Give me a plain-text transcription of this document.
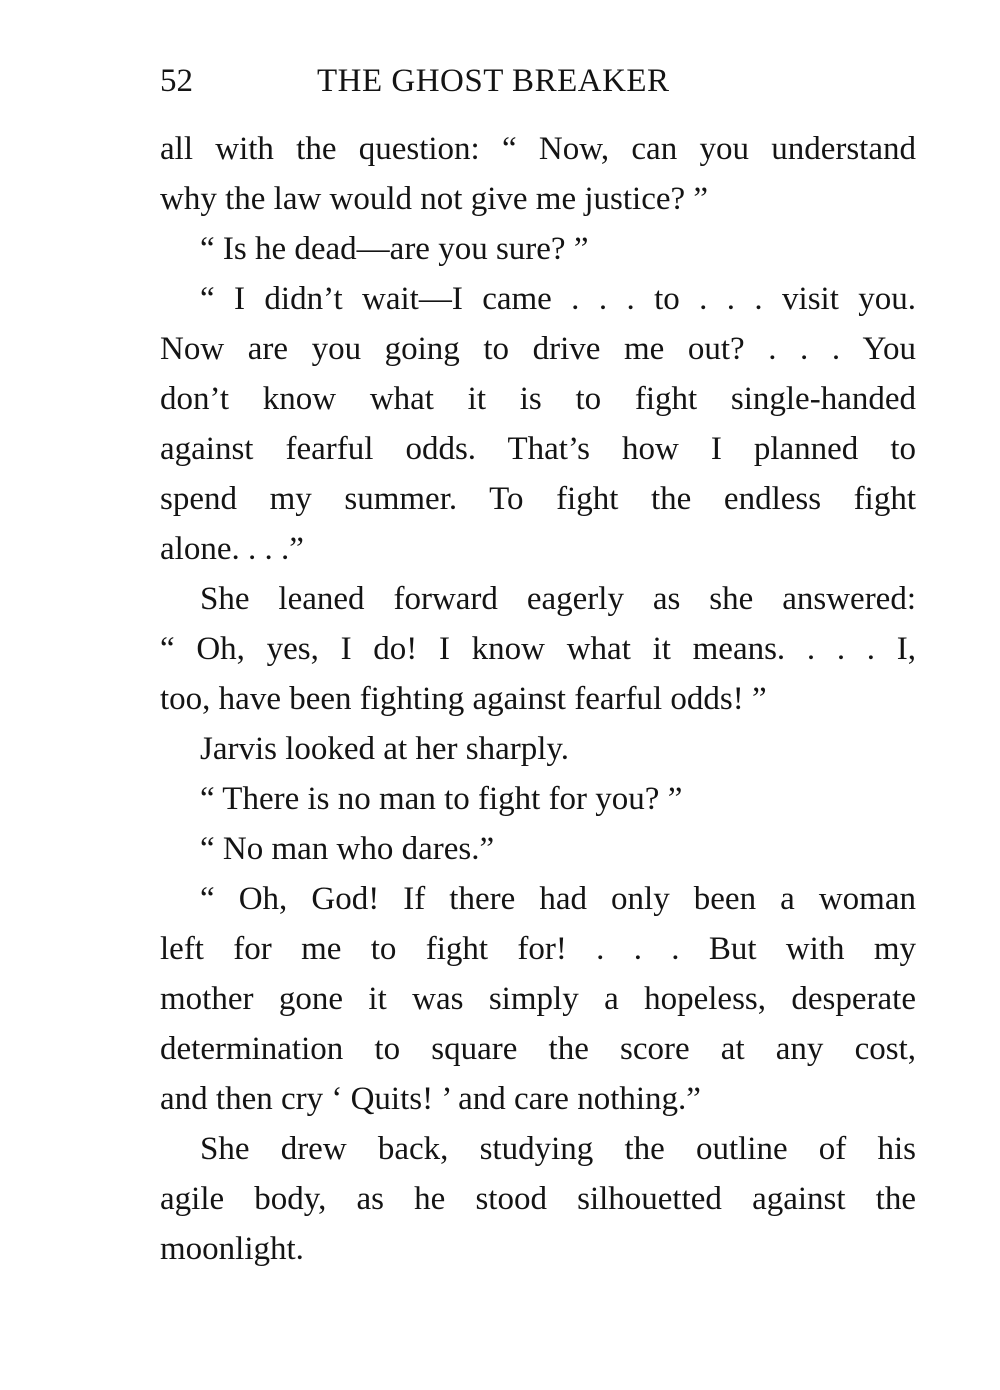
52	THE GHOST BREAKER
all with the question: “ Now, can you understand
why the law would not give me justice? ”
“ Is he dead—are you sure? ”
“ I didn’t wait—I came . . . to . . . visit you.
Now are you going to drive me out? . . . You
don’t know what it is to fight single-handed
against fearful odds. That’s how I planned to
spend my summer. To fight the endless fight
alone. . . .”
She leaned forward eagerly as she answered:
“ Oh, yes, I do! I know what it means. . . . I,
too, have been fighting against fearful odds! ”
Jarvis looked at her sharply.
“ There is no man to fight for you? ”
“ No man who dares.”
“ Oh, God! If there had only been a woman
left for me to fight for! . . . But with my
mother gone it was simply a hopeless, desperate
determination to square the score at any cost,
and then cry ‘ Quits! ’ and care nothing.”
She drew back, studying the outline of his
agile body, as he stood silhouetted against the
moonlight.
